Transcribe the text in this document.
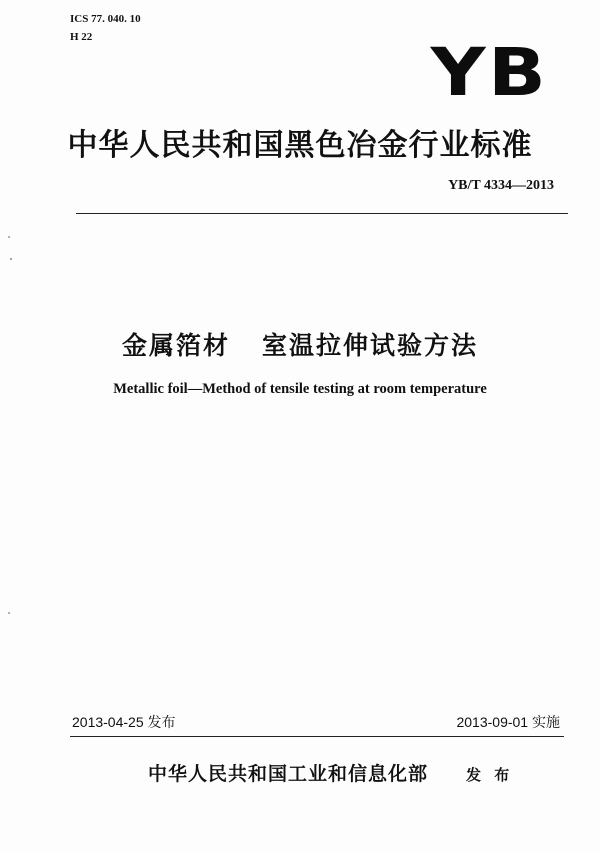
ICS 77. 040. 10
H 22	YB
中华人民共和国黑色冶金行业标准
YB/T 4334—2013
金属箔材   室温拉伸试验方法
Metallic foil—Method of tensile testing at room temperature
2013-04-25 发布	2013-09-01 实施
中华人民共和国工业和信息化部	发 布
